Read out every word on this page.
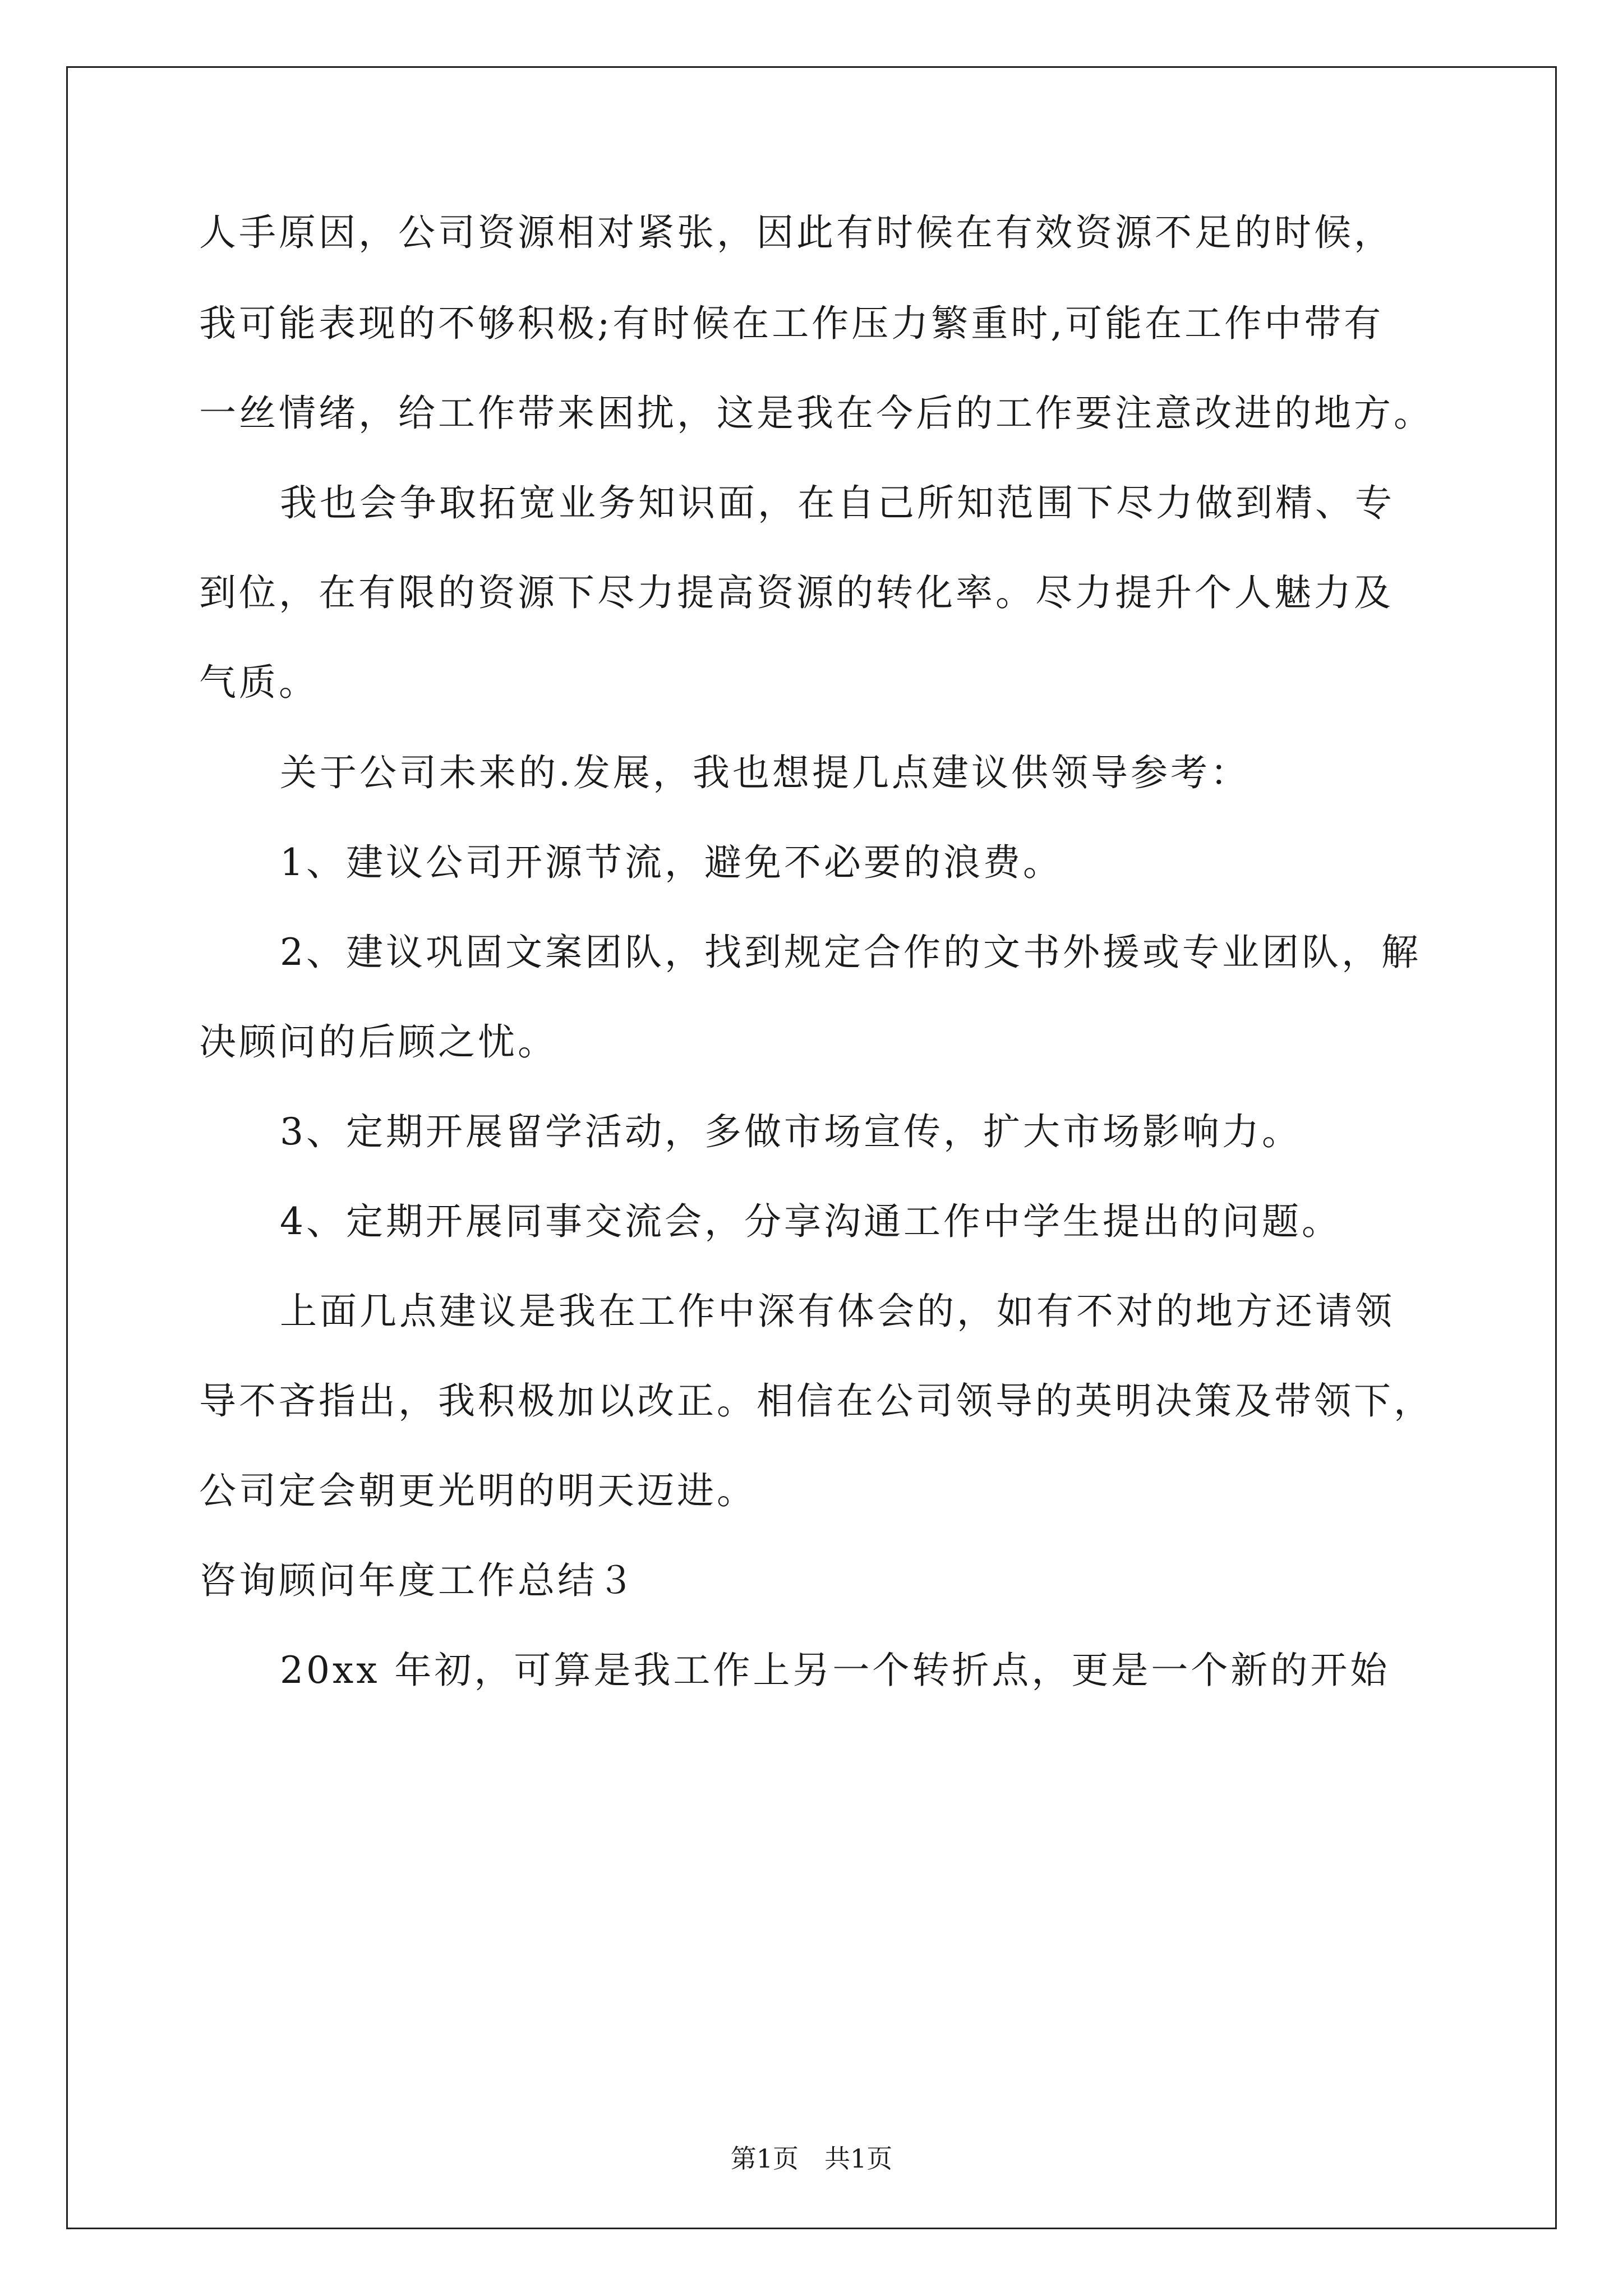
人手原因，公司资源相对紧张，因此有时候在有效资源不足的时候，
我可能表现的不够积极;有时候在工作压力繁重时,可能在工作中带有
一丝情绪，给工作带来困扰，这是我在今后的工作要注意改进的地方。
我也会争取拓宽业务知识面，在自己所知范围下尽力做到精、专
到位，在有限的资源下尽力提高资源的转化率。尽力提升个人魅力及
气质。
关于公司未来的.发展，我也想提几点建议供领导参考：
1、建议公司开源节流，避免不必要的浪费。
2、建议巩固文案团队，找到规定合作的文书外援或专业团队，解
决顾问的后顾之忧。
3、定期开展留学活动，多做市场宣传，扩大市场影响力。
4、定期开展同事交流会，分享沟通工作中学生提出的问题。
上面几点建议是我在工作中深有体会的，如有不对的地方还请领
导不吝指出，我积极加以改正。相信在公司领导的英明决策及带领下，
公司定会朝更光明的明天迈进。
咨询顾问年度工作总结３
20xx 年初，可算是我工作上另一个转折点，更是一个新的开始
第1页　共1页
